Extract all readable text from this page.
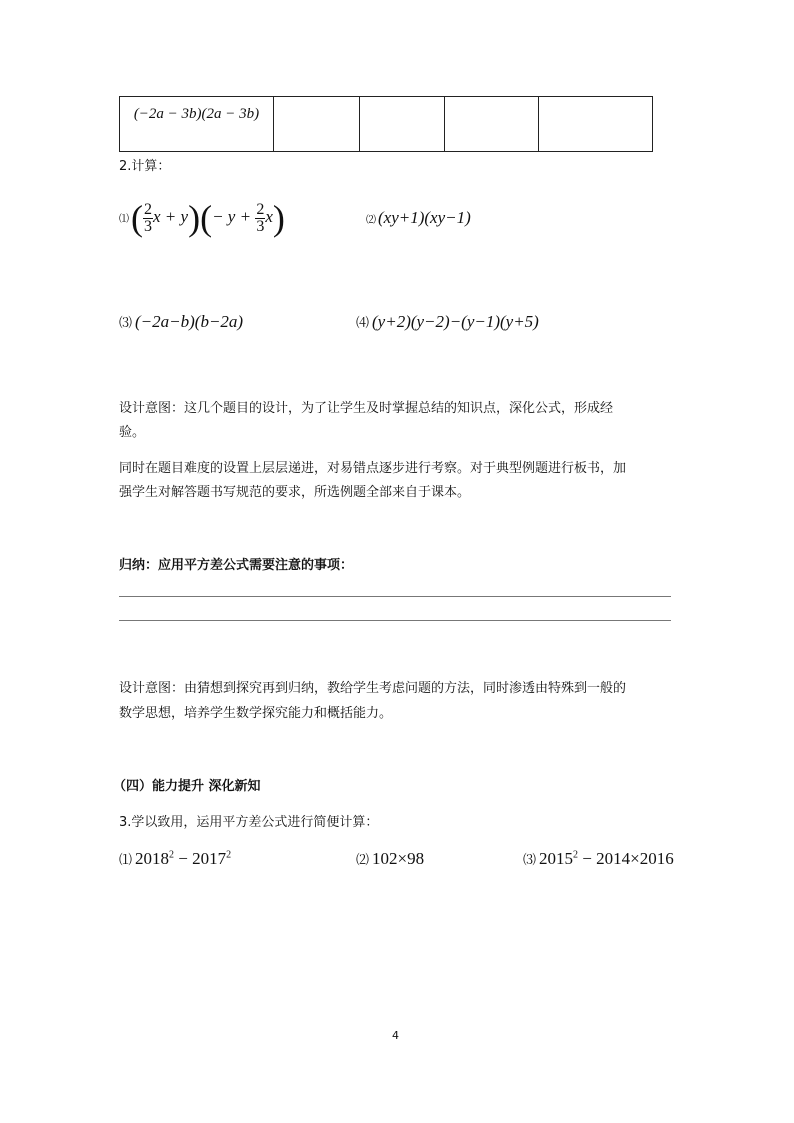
(−2a − 3b)(2a − 3b)

2.计算：
⑴( $\frac{2}{3}$ $x + y)(- y + \frac{2}{3} x)$	⑵ (xy+1)(xy−1)
⑶ (−2a−b)(b−2a)	⑷ (y+2)(y−2)−(y−1)(y+5)
设计意图：这几个题目的设计，为了让学生及时掌握总结的知识点，深化公式，形成经
验。
同时在题目难度的设置上层层递进，对易错点逐步进行考察。对于典型例题进行板书，加
强学生对解答题书写规范的要求，所选例题全部来自于课本。
归纳：应用平方差公式需要注意的事项：
设计意图：由猜想到探究再到归纳，教给学生考虑问题的方法，同时渗透由特殊到一般的
数学思想，培养学生数学探究能力和概括能力。
（四）能力提升 深化新知
3.学以致用，运用平方差公式进行简便计算：
⑴ $2018^2 - 2017^2$	⑵ 102×98	⑶ $2015^2 - 2014\times 2016$
4
